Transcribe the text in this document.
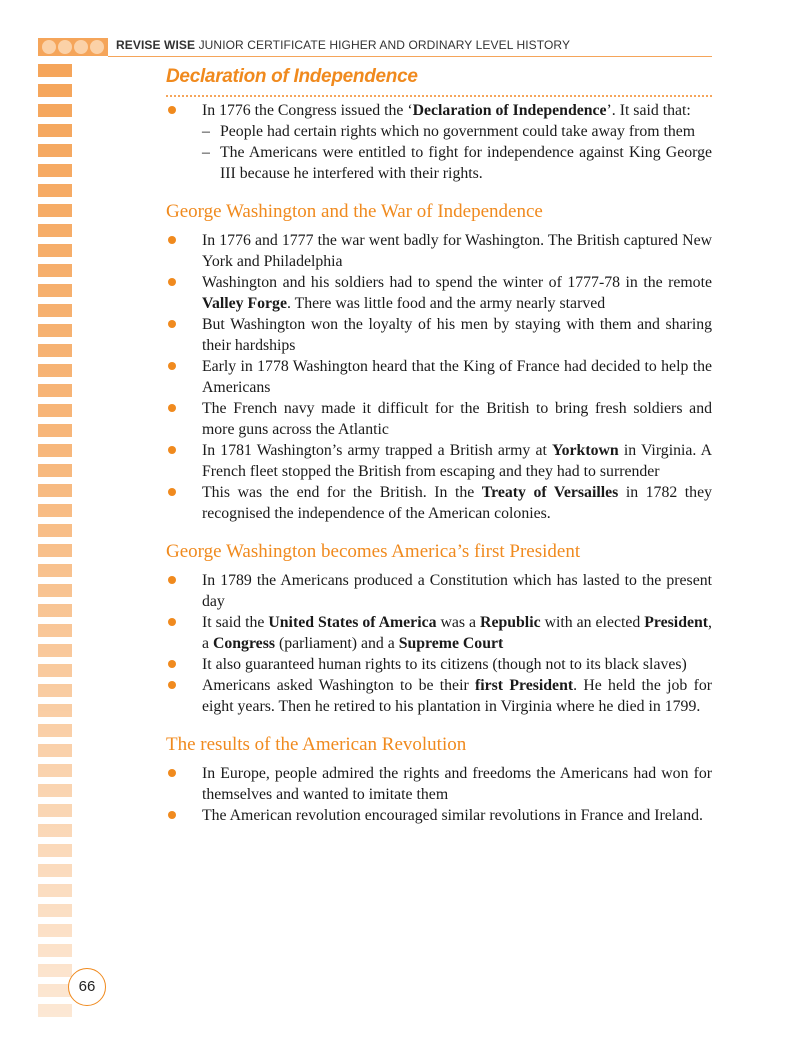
REVISE WISE JUNIOR CERTIFICATE HIGHER AND ORDINARY LEVEL HISTORY
Declaration of Independence
In 1776 the Congress issued the ‘Declaration of Independence’. It said that:
– People had certain rights which no government could take away from them
– The Americans were entitled to fight for independence against King George III because he interfered with their rights.
George Washington and the War of Independence
In 1776 and 1777 the war went badly for Washington. The British captured New York and Philadelphia
Washington and his soldiers had to spend the winter of 1777-78 in the remote Valley Forge. There was little food and the army nearly starved
But Washington won the loyalty of his men by staying with them and sharing their hardships
Early in 1778 Washington heard that the King of France had decided to help the Americans
The French navy made it difficult for the British to bring fresh soldiers and more guns across the Atlantic
In 1781 Washington’s army trapped a British army at Yorktown in Virginia. A French fleet stopped the British from escaping and they had to surrender
This was the end for the British. In the Treaty of Versailles in 1782 they recognised the independence of the American colonies.
George Washington becomes America’s first President
In 1789 the Americans produced a Constitution which has lasted to the present day
It said the United States of America was a Republic with an elected President, a Congress (parliament) and a Supreme Court
It also guaranteed human rights to its citizens (though not to its black slaves)
Americans asked Washington to be their first President. He held the job for eight years. Then he retired to his plantation in Virginia where he died in 1799.
The results of the American Revolution
In Europe, people admired the rights and freedoms the Americans had won for themselves and wanted to imitate them
The American revolution encouraged similar revolutions in France and Ireland.
66
